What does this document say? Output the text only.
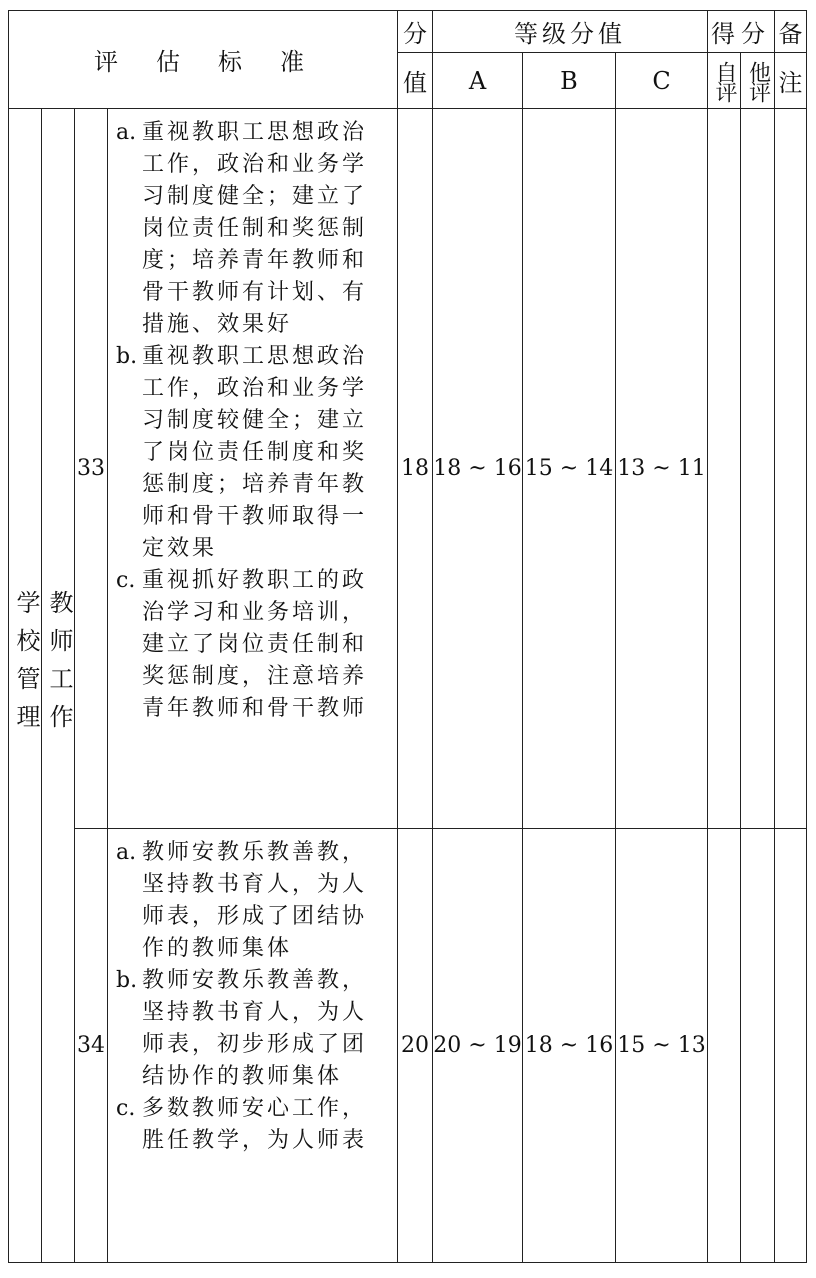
评估标准				分	等级分值			得分		备
				值	A	B	C	自评	他评	注

学校管理	教师工作	33	a. 重视教职工思想政治工作，政治和业务学习制度健全；建立了岗位责任制和奖惩制度；培养青年教师和骨干教师有计划、有措施、效果好
b. 重视教职工思想政治工作，政治和业务学习制度较健全；建立了岗位责任制度和奖惩制度；培养青年教师和骨干教师取得一定效果
c. 重视抓好教职工的政治学习和业务培训，建立了岗位责任制和奖惩制度，注意培养青年教师和骨干教师	18	18 ~ 16	15 ~ 14	13 ~ 11			
		34	a. 教师安教乐教善教，坚持教书育人，为人师表，形成了团结协作的教师集体
b. 教师安教乐教善教，坚持教书育人，为人师表，初步形成了团结协作的教师集体
c. 多数教师安心工作，胜任教学，为人师表	20	20 ~ 19	18 ~ 16	15 ~ 13			
